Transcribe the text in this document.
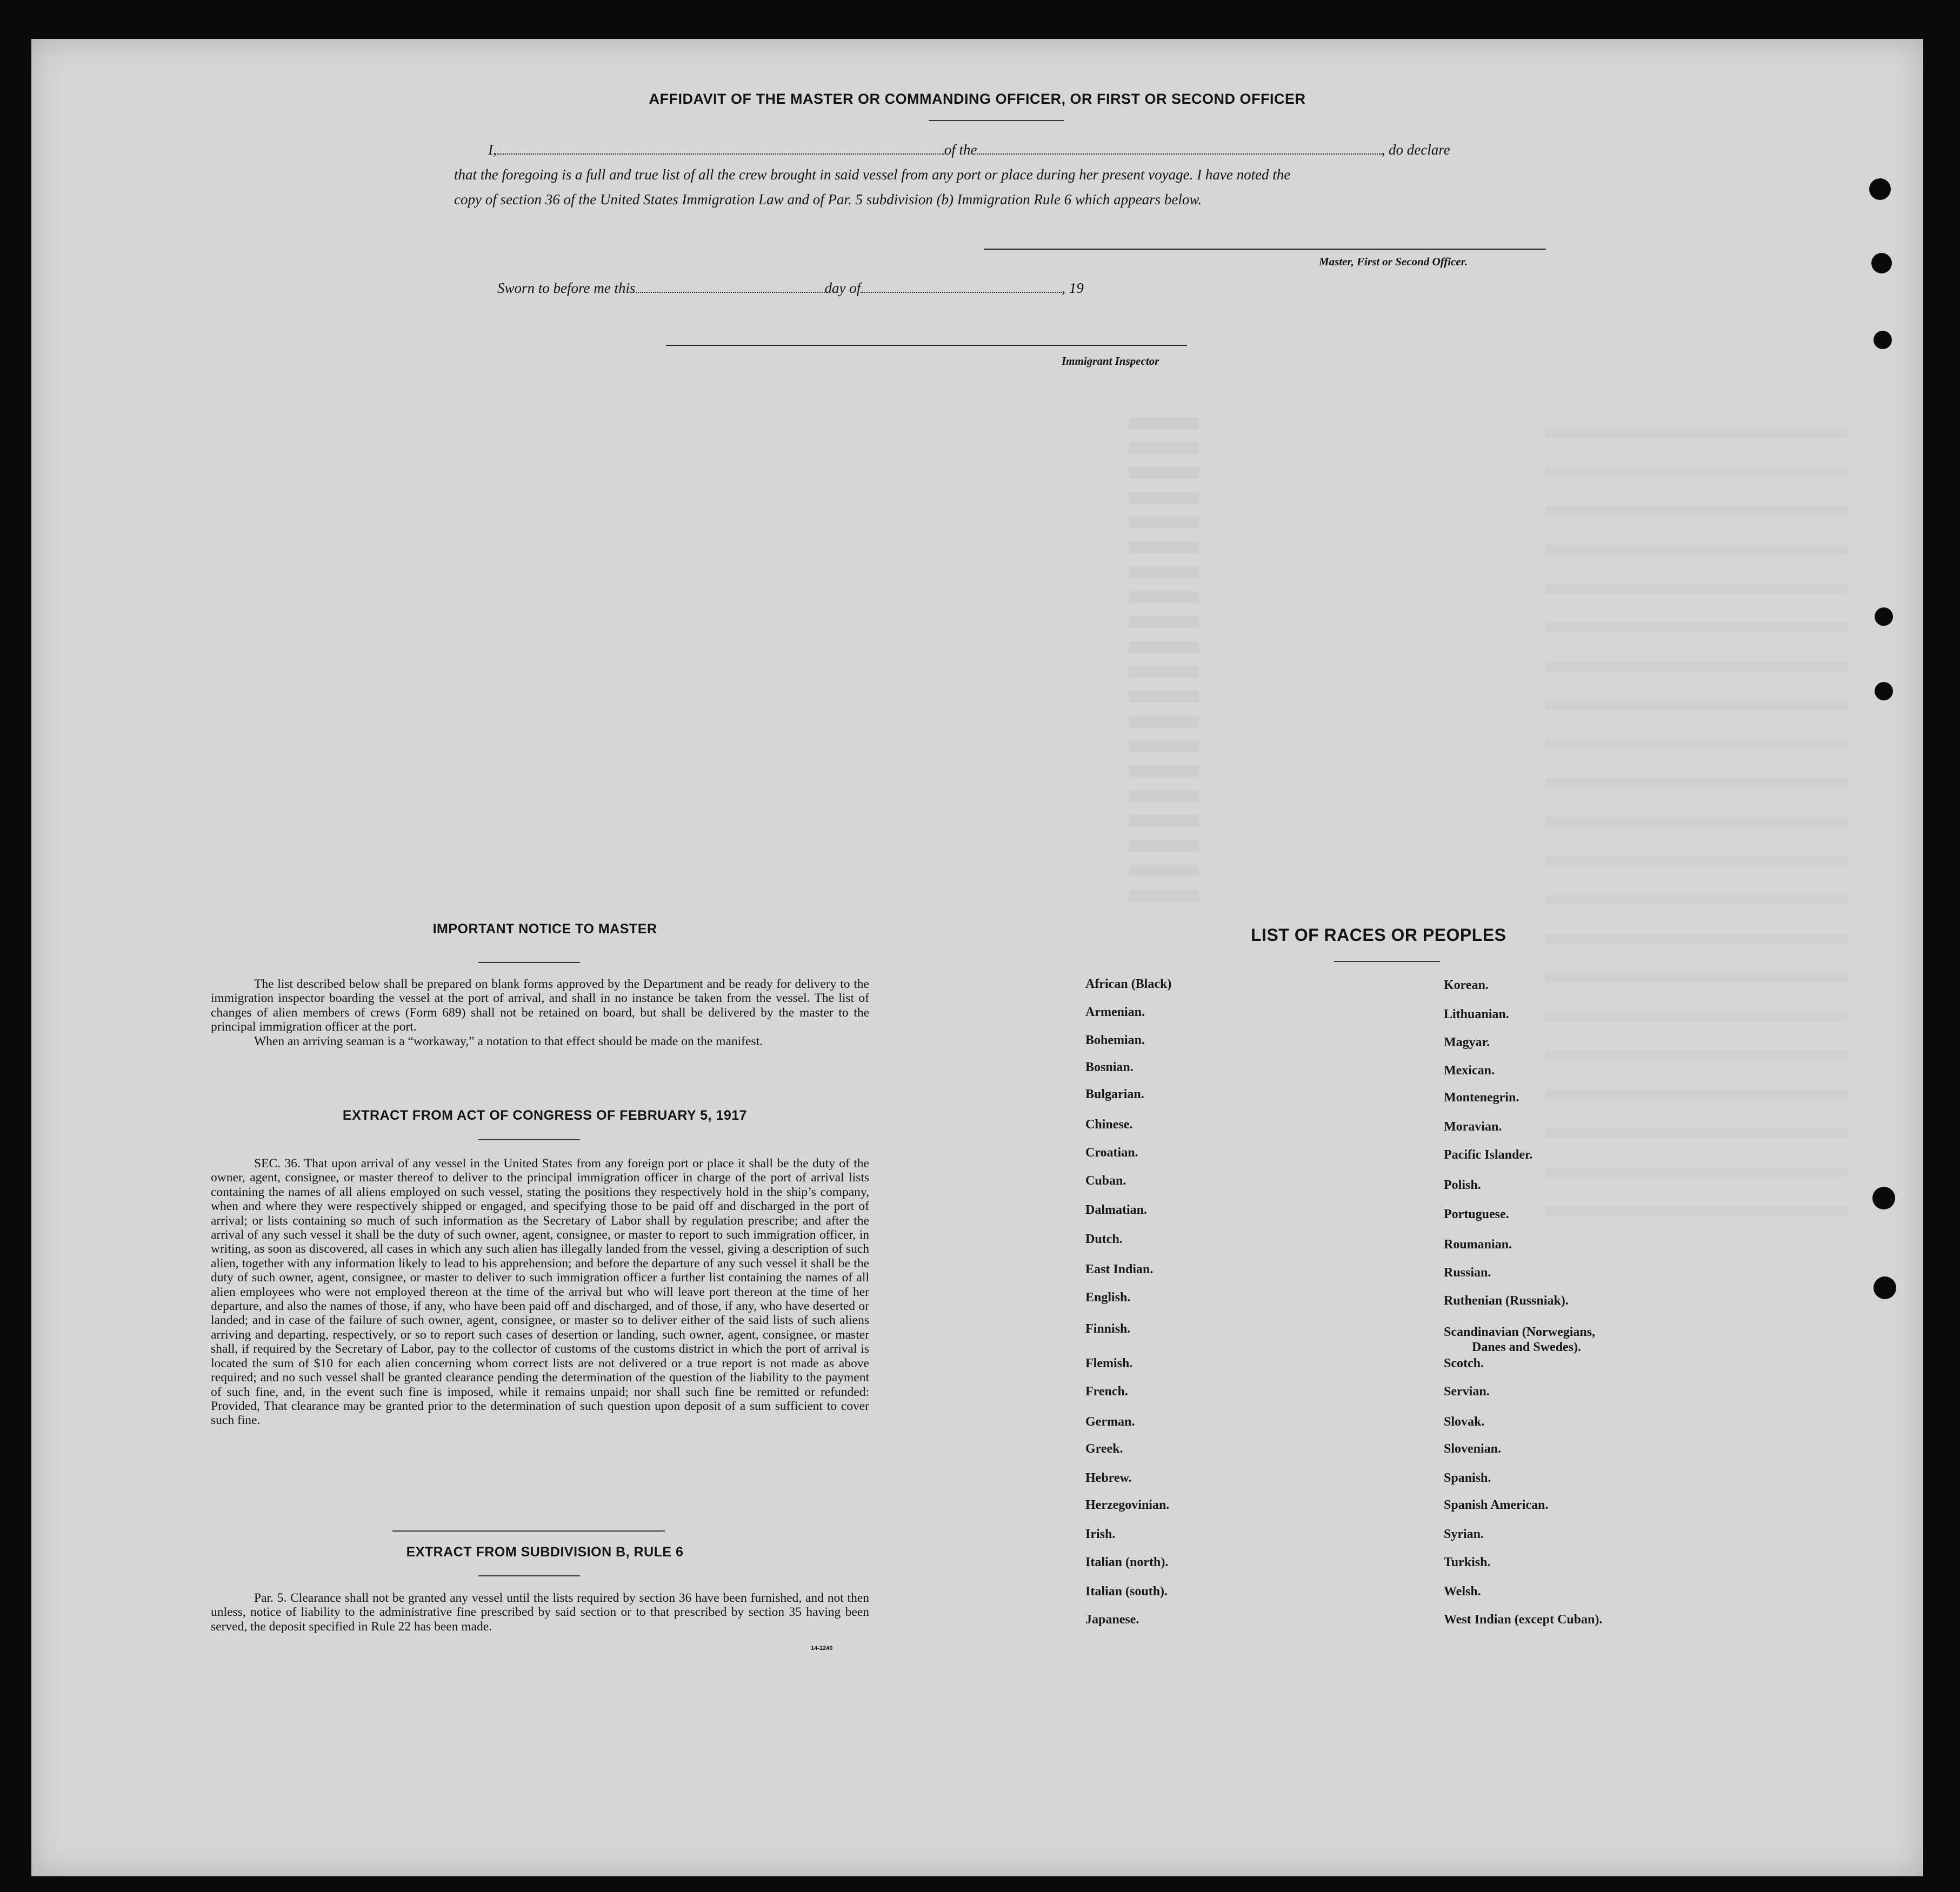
AFFIDAVIT OF THE MASTER OR COMMANDING OFFICER, OR FIRST OR SECOND OFFICER
I,	of the	, do declare
that the foregoing is a full and true list of all the crew brought in said vessel from any port or place during her present voyage. I have noted the
copy of section 36 of the United States Immigration Law and of Par. 5 subdivision (b) Immigration Rule 6 which appears below.
Master, First or Second Officer.
Sworn to before me this	day of	, 19
Immigrant Inspector
IMPORTANT NOTICE TO MASTER

The list described below shall be prepared on blank forms approved by the Department and be ready for delivery to the immigration inspector boarding the vessel at the port of arrival, and shall in no instance be taken from the vessel. The list of changes of alien members of crews (Form 689) shall not be retained on board, but shall be delivered by the master to the principal immigration officer at the port.

When an arriving seaman is a “workaway,” a notation to that effect should be made on the manifest.

EXTRACT FROM ACT OF CONGRESS OF FEBRUARY 5, 1917

SEC. 36. That upon arrival of any vessel in the United States from any foreign port or place it shall be the duty of the owner, agent, consignee, or master thereof to deliver to the principal immigration officer in charge of the port of arrival lists containing the names of all aliens employed on such vessel, stating the positions they respectively hold in the ship’s company, when and where they were respectively shipped or engaged, and specifying those to be paid off and discharged in the port of arrival; or lists containing so much of such information as the Secretary of Labor shall by regulation prescribe; and after the arrival of any such vessel it shall be the duty of such owner, agent, consignee, or master to report to such immigration officer, in writing, as soon as discovered, all cases in which any such alien has illegally landed from the vessel, giving a description of such alien, together with any information likely to lead to his apprehension; and before the departure of any such vessel it shall be the duty of such owner, agent, consignee, or master to deliver to such immigration officer a further list containing the names of all alien employees who were not employed thereon at the time of the arrival but who will leave port thereon at the time of her departure, and also the names of those, if any, who have been paid off and discharged, and of those, if any, who have deserted or landed; and in case of the failure of such owner, agent, consignee, or master so to deliver either of the said lists of such aliens arriving and departing, respectively, or so to report such cases of desertion or landing, such owner, agent, consignee, or master shall, if required by the Secretary of Labor, pay to the collector of customs of the customs district in which the port of arrival is located the sum of $10 for each alien concerning whom correct lists are not delivered or a true report is not made as above required; and no such vessel shall be granted clearance pending the determination of the question of the liability to the payment of such fine, and, in the event such fine is imposed, while it remains unpaid; nor shall such fine be remitted or refunded: Provided, That clearance may be granted prior to the determination of such question upon deposit of a sum sufficient to cover such fine.

EXTRACT FROM SUBDIVISION B, RULE 6

Par. 5. Clearance shall not be granted any vessel until the lists required by section 36 have been furnished, and not then unless, notice of liability to the administrative fine prescribed by said section or to that prescribed by section 35 having been served, the deposit specified in Rule 22 has been made.

14-1240
LIST OF RACES OR PEOPLES
Danes and Swedes).
African (Black)
Armenian.
Bohemian.
Bosnian.
Bulgarian.
Chinese.
Croatian.
Cuban.
Dalmatian.
Dutch.
East Indian.
English.
Finnish.
Flemish.
French.
German.
Greek.
Hebrew.
Herzegovinian.
Irish.
Italian (north).
Italian (south).
Japanese.
Korean.
Lithuanian.
Magyar.
Mexican.
Montenegrin.
Moravian.
Pacific Islander.
Polish.
Portuguese.
Roumanian.
Russian.
Ruthenian (Russniak).
Scandinavian (Norwegians,
Scotch.
Servian.
Slovak.
Slovenian.
Spanish.
Spanish American.
Syrian.
Turkish.
Welsh.
West Indian (except Cuban).
